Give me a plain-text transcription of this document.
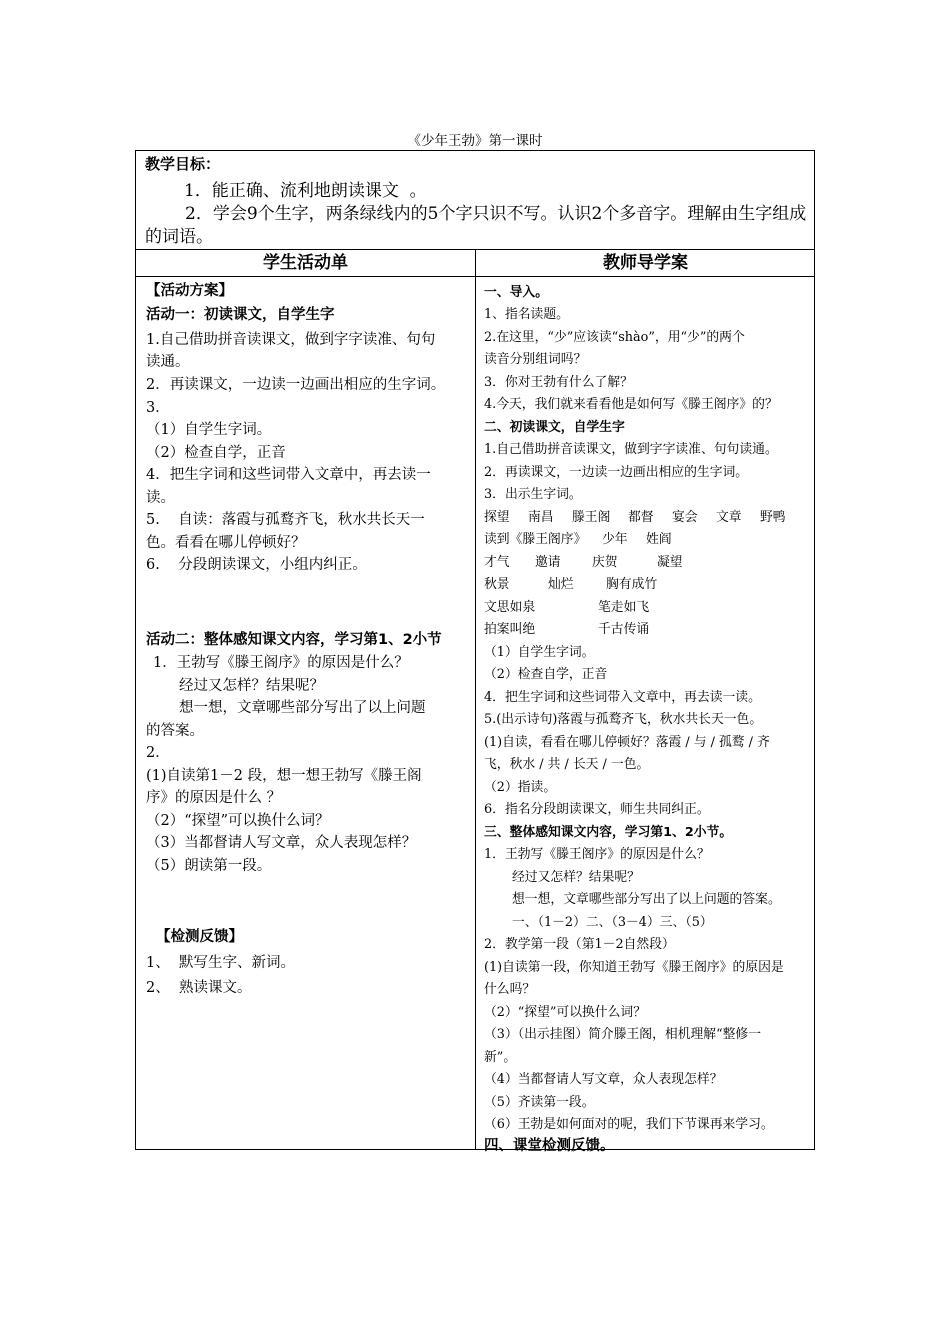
《少年王勃》第一课时
教学目标：
1．能正确、流利地朗读课文  。
2．学会9个生字，两条绿线内的5个字只识不写。认识2个多音字。理解由生字组成的词语。
学生活动单	教师导学案
【活动方案】
活动一：初读课文，自学生字
1.自己借助拼音读课文，做到字字读准、句句
读通。
2．再读课文，一边读一边画出相应的生字词。
3．
（1）自学生字词。
（2）检查自学，正音
4．把生字词和这些词带入文章中，再去读一
读。
5.    自读：落霞与孤鹜齐飞，秋水共长天一
色。看看在哪儿停顿好？
6.    分段朗读课文，小组内纠正。
活动二：整体感知课文内容，学习第1、2小节
1．王勃写《滕王阁序》的原因是什么？
经过又怎样？结果呢？
想一想，文章哪些部分写出了以上问题
的答案。
2．
(1)自读第1－2 段，想一想王勃写《滕王阁
序》的原因是什么 ？
（2）“探望”可以换什么词？
（3）当都督请人写文章，众人表现怎样？
（5）朗读第一段。
【检测反馈】
1、  默写生字、新词。
2、  熟读课文。
一、导入。
1、指名读题。
2.在这里，“少”应该读“shào”，用“少”的两个
读音分别组词吗？
3．你对王勃有什么了解？
4.今天，我们就来看看他是如何写《滕王阁序》的？
二、初读课文，自学生字
1.自己借助拼音读课文，做到字字读准、句句读通。
2．再读课文，一边读一边画出相应的生字词。
3．出示生字词。
探望 南昌 滕王阁 都督 宴会 文章 野鸭
读到《滕王阁序》 少年 姓阎
才气 邀请 庆贺	凝望
秋景	灿烂	胸有成竹
文思如泉	笔走如飞
拍案叫绝	千古传诵
（1）自学生字词。
（2）检查自学，正音
4．把生字词和这些词带入文章中，再去读一读。
5.(出示诗句)落霞与孤鹜齐飞，秋水共长天一色。
(1)自读，看看在哪儿停顿好？落霞 / 与 / 孤鹜 / 齐
飞，秋水 / 共 / 长天 / 一色。
（2）指读。
6．指名分段朗读课文，师生共同纠正。
三、整体感知课文内容，学习第1、2小节。
1．王勃写《滕王阁序》的原因是什么？
经过又怎样？结果呢？
想一想，文章哪些部分写出了以上问题的答案。
一、（1－2）二、（3－4）三、（5）
2．教学第一段（第1－2自然段）
(1)自读第一段，你知道王勃写《滕王阁序》的原因是
什么吗？
（2）“探望”可以换什么词？
（3）（出示挂图）简介滕王阁，相机理解“整修一
新”。
（4）当都督请人写文章，众人表现怎样？
（5）齐读第一段。
（6）王勃是如何面对的呢，我们下节课再来学习。
四、课堂检测反馈。
